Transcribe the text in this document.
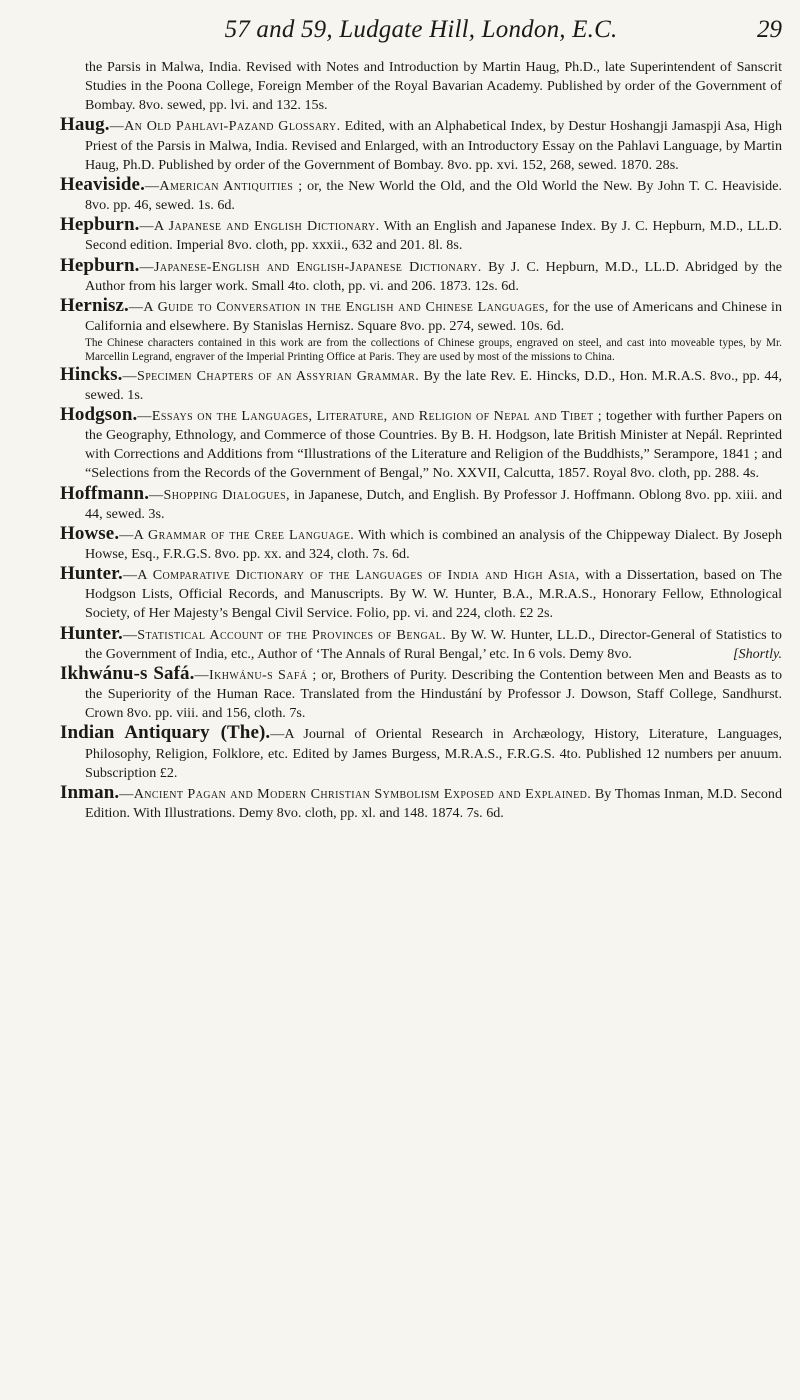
57 and 59, Ludgate Hill, London, E.C.	29

the Parsis in Malwa, India. Revised with Notes and Introduction by Martin Haug, Ph.D., late Superintendent of Sanscrit Studies in the Poona College, Foreign Member of the Royal Bavarian Academy. Published by order of the Government of Bombay. 8vo. sewed, pp. lvi. and 132. 15s.

Haug.—An Old Pahlavi-Pazand Glossary. Edited, with an Alphabetical Index, by Destur Hoshangji Jamaspji Asa, High Priest of the Parsis in Malwa, India. Revised and Enlarged, with an Introductory Essay on the Pahlavi Language, by Martin Haug, Ph.D. Published by order of the Government of Bombay. 8vo. pp. xvi. 152, 268, sewed. 1870. 28s.

Heaviside.—American Antiquities ; or, the New World the Old, and the Old World the New. By John T. C. Heaviside. 8vo. pp. 46, sewed. 1s. 6d.

Hepburn.—A Japanese and English Dictionary. With an English and Japanese Index. By J. C. Hepburn, M.D., LL.D. Second edition. Imperial 8vo. cloth, pp. xxxii., 632 and 201. 8l. 8s.

Hepburn.—Japanese-English and English-Japanese Dictionary. By J. C. Hepburn, M.D., LL.D. Abridged by the Author from his larger work. Small 4to. cloth, pp. vi. and 206. 1873. 12s. 6d.

Hernisz.—A Guide to Conversation in the English and Chinese Languages, for the use of Americans and Chinese in California and elsewhere. By Stanislas Hernisz. Square 8vo. pp. 274, sewed. 10s. 6d.

The Chinese characters contained in this work are from the collections of Chinese groups, engraved on steel, and cast into moveable types, by Mr. Marcellin Legrand, engraver of the Imperial Printing Office at Paris. They are used by most of the missions to China.

Hincks.—Specimen Chapters of an Assyrian Grammar. By the late Rev. E. Hincks, D.D., Hon. M.R.A.S. 8vo., pp. 44, sewed. 1s.

Hodgson.—Essays on the Languages, Literature, and Religion of Nepal and Tibet ; together with further Papers on the Geography, Ethnology, and Commerce of those Countries. By B. H. Hodgson, late British Minister at Nepál. Reprinted with Corrections and Additions from “Illustrations of the Literature and Religion of the Buddhists,” Serampore, 1841 ; and “Selections from the Records of the Government of Bengal,” No. XXVII, Calcutta, 1857. Royal 8vo. cloth, pp. 288. 4s.

Hoffmann.—Shopping Dialogues, in Japanese, Dutch, and English. By Professor J. Hoffmann. Oblong 8vo. pp. xiii. and 44, sewed. 3s.

Howse.—A Grammar of the Cree Language. With which is combined an analysis of the Chippeway Dialect. By Joseph Howse, Esq., F.R.G.S. 8vo. pp. xx. and 324, cloth. 7s. 6d.

Hunter.—A Comparative Dictionary of the Languages of India and High Asia, with a Dissertation, based on The Hodgson Lists, Official Records, and Manuscripts. By W. W. Hunter, B.A., M.R.A.S., Honorary Fellow, Ethnological Society, of Her Majesty’s Bengal Civil Service. Folio, pp. vi. and 224, cloth. £2 2s.

Hunter.—Statistical Account of the Provinces of Bengal. By W. W. Hunter, LL.D., Director-General of Statistics to the Government of India, etc., Author of ‘The Annals of Rural Bengal,’ etc. In 6 vols. Demy 8vo.	[Shortly.

Ikhwánu-s Safá.—Ikhwánu-s Safá ; or, Brothers of Purity. Describing the Contention between Men and Beasts as to the Superiority of the Human Race. Translated from the Hindustání by Professor J. Dowson, Staff College, Sandhurst. Crown 8vo. pp. viii. and 156, cloth. 7s.

Indian Antiquary (The).—A Journal of Oriental Research in Archæology, History, Literature, Languages, Philosophy, Religion, Folklore, etc. Edited by James Burgess, M.R.A.S., F.R.G.S. 4to. Published 12 numbers per anuum. Subscription £2.

Inman.—Ancient Pagan and Modern Christian Symbolism Exposed and Explained. By Thomas Inman, M.D. Second Edition. With Illustrations. Demy 8vo. cloth, pp. xl. and 148. 1874. 7s. 6d.
